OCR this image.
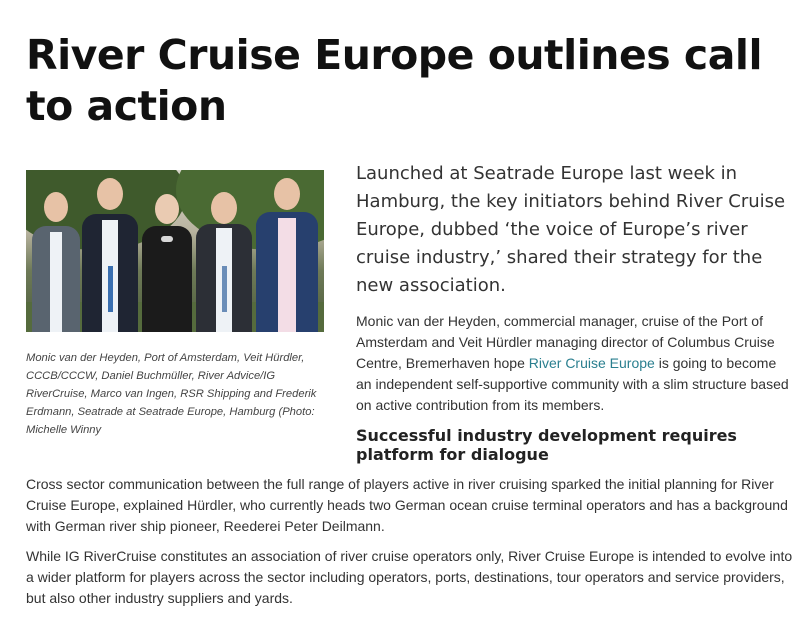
River Cruise Europe outlines call to action

Monic van der Heyden, Port of Amsterdam, Veit Hürdler, CCCB/CCCW, Daniel Buchmüller, River Advice/IG RiverCruise, Marco van Ingen, RSR Shipping and Frederik Erdmann, Seatrade at Seatrade Europe, Hamburg (Photo: Michelle Winny

Launched at Seatrade Europe last week in Hamburg, the key initiators behind River Cruise Europe, dubbed ‘the voice of Europe’s river cruise industry,’ shared their strategy for the new association.

Monic van der Heyden, commercial manager, cruise of the Port of Amsterdam and Veit Hürdler managing director of Columbus Cruise Centre, Bremerhaven hope River Cruise Europe is going to become an independent self-supportive community with a slim structure based on active contribution from its members.

Successful industry development requires platform for dialogue

Cross sector communication between the full range of players active in river cruising sparked the initial planning for River Cruise Europe, explained Hürdler, who currently heads two German ocean cruise terminal operators and has a background with German river ship pioneer, Reederei Peter Deilmann.

While IG RiverCruise constitutes an association of river cruise operators only, River Cruise Europe is intended to evolve into a wider platform for players across the sector including operators, ports, destinations, tour operators and service providers, but also other industry suppliers and yards.
